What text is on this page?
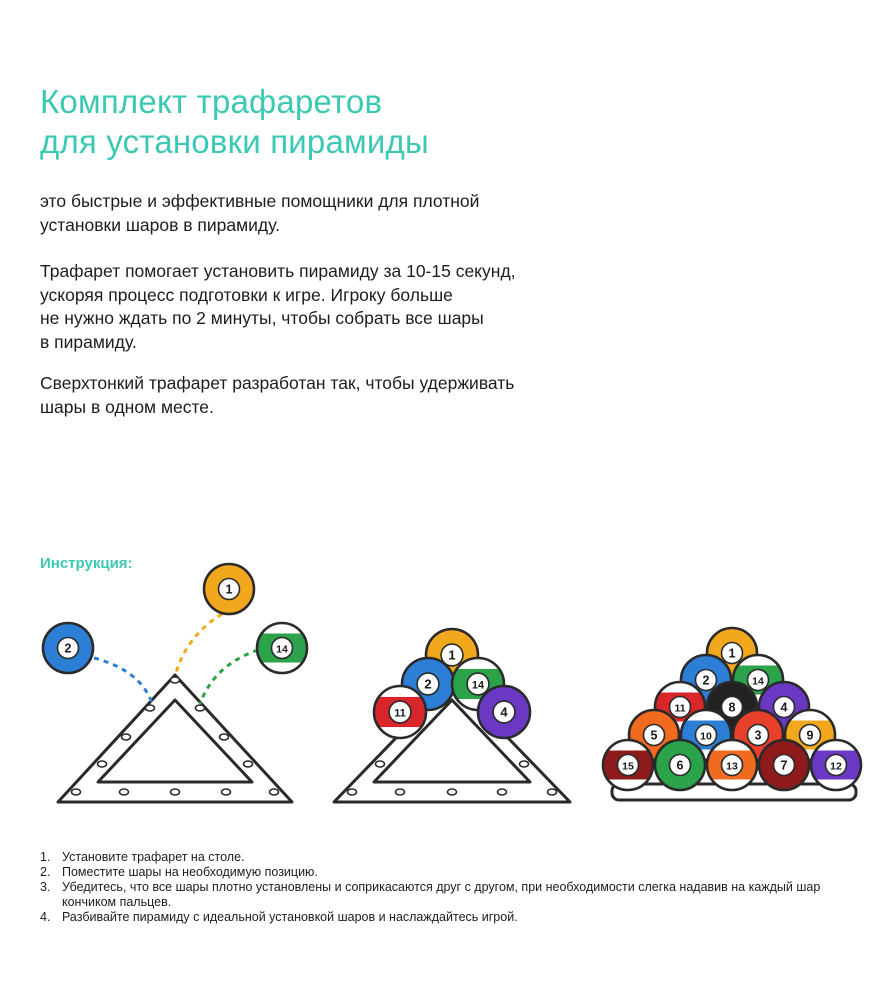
Комплект трафаретов
для установки пирамиды

это быстрые и эффективные помощники для плотной
установки шаров в пирамиду.

Трафарет помогает установить пирамиду за 10-15 секунд,
ускоряя процесс подготовки к игре. Игроку больше
не нужно ждать по 2 минуты, чтобы собрать все шары
в пирамиду.

Сверхтонкий трафарет разработан так, чтобы удерживать
шары в одном месте.

Инструкция:

1
2	14	1
2	14
11	4
1
2	14
11	8	4
5	10	3	9
15	6	13	7	12
1. Установите трафарет на столе.
2. Поместите шары на необходимую позицию.
3. Убедитесь, что все шары плотно установлены и соприкасаются друг с другом, при необходимости слегка надавив на каждый шар кончиком пальцев.
4. Разбивайте пирамиду с идеальной установкой шаров и наслаждайтесь игрой.
